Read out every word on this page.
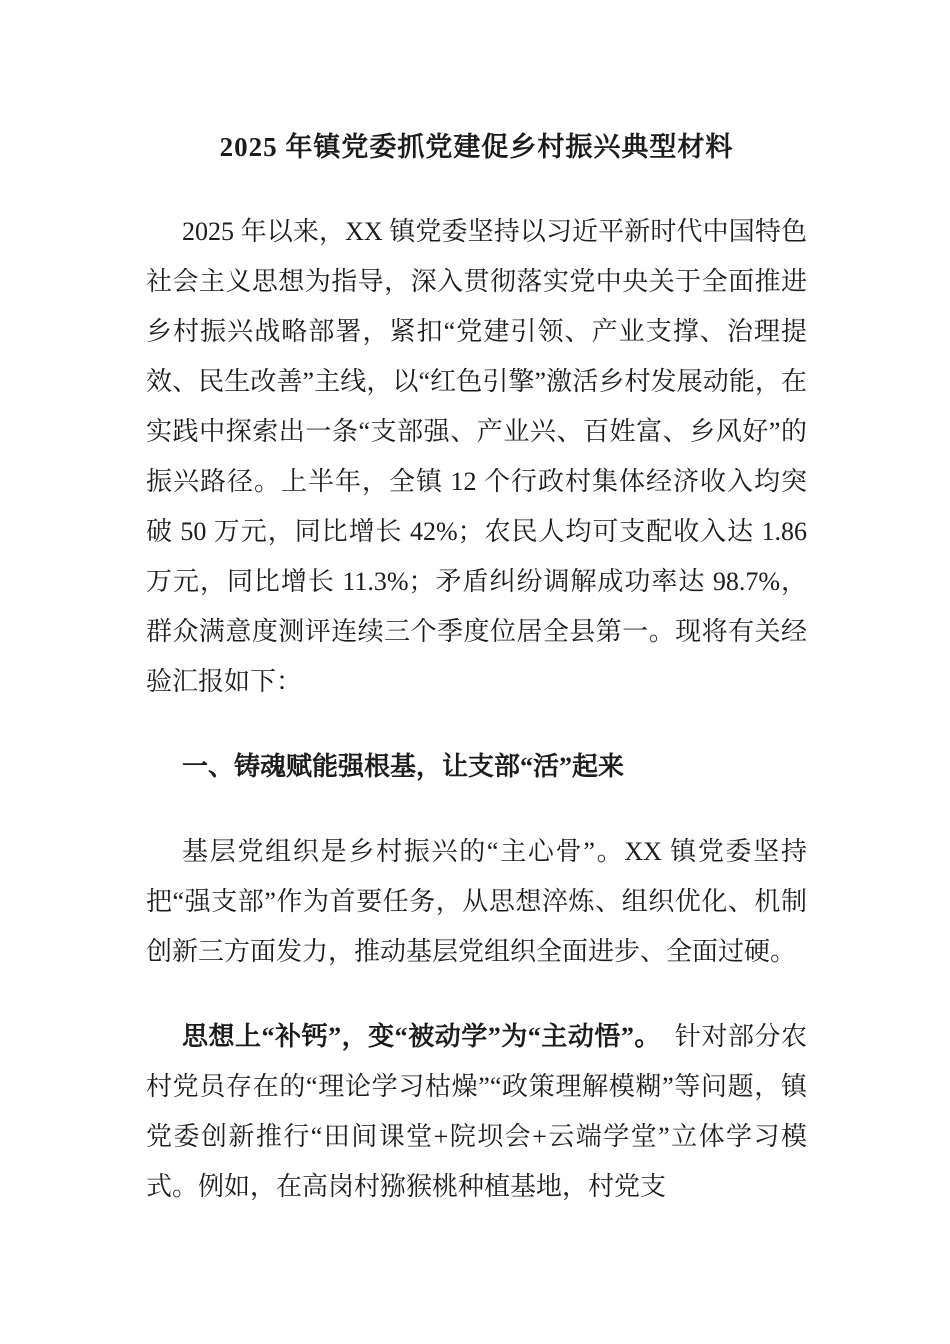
2025 年镇党委抓党建促乡村振兴典型材料

2025 年以来，XX 镇党委坚持以习近平新时代中国特色社会主义思想为指导，深入贯彻落实党中央关于全面推进乡村振兴战略部署，紧扣“党建引领、产业支撑、治理提效、民生改善”主线，以“红色引擎”激活乡村发展动能，在实践中探索出一条“支部强、产业兴、百姓富、乡风好”的振兴路径。上半年，全镇 12 个行政村集体经济收入均突破 50 万元，同比增长 42%；农民人均可支配收入达 1.86 万元，同比增长 11.3%；矛盾纠纷调解成功率达 98.7%，群众满意度测评连续三个季度位居全县第一。现将有关经验汇报如下：

一、铸魂赋能强根基，让支部“活”起来

基层党组织是乡村振兴的“主心骨”。XX 镇党委坚持把“强支部”作为首要任务，从思想淬炼、组织优化、机制创新三方面发力，推动基层党组织全面进步、全面过硬。

思想上“补钙”，变“被动学”为“主动悟”。 针对部分农村党员存在的“理论学习枯燥”“政策理解模糊”等问题，镇党委创新推行“田间课堂+院坝会+云端学堂”立体学习模式。例如，在高岗村猕猴桃种植基地，村党支
